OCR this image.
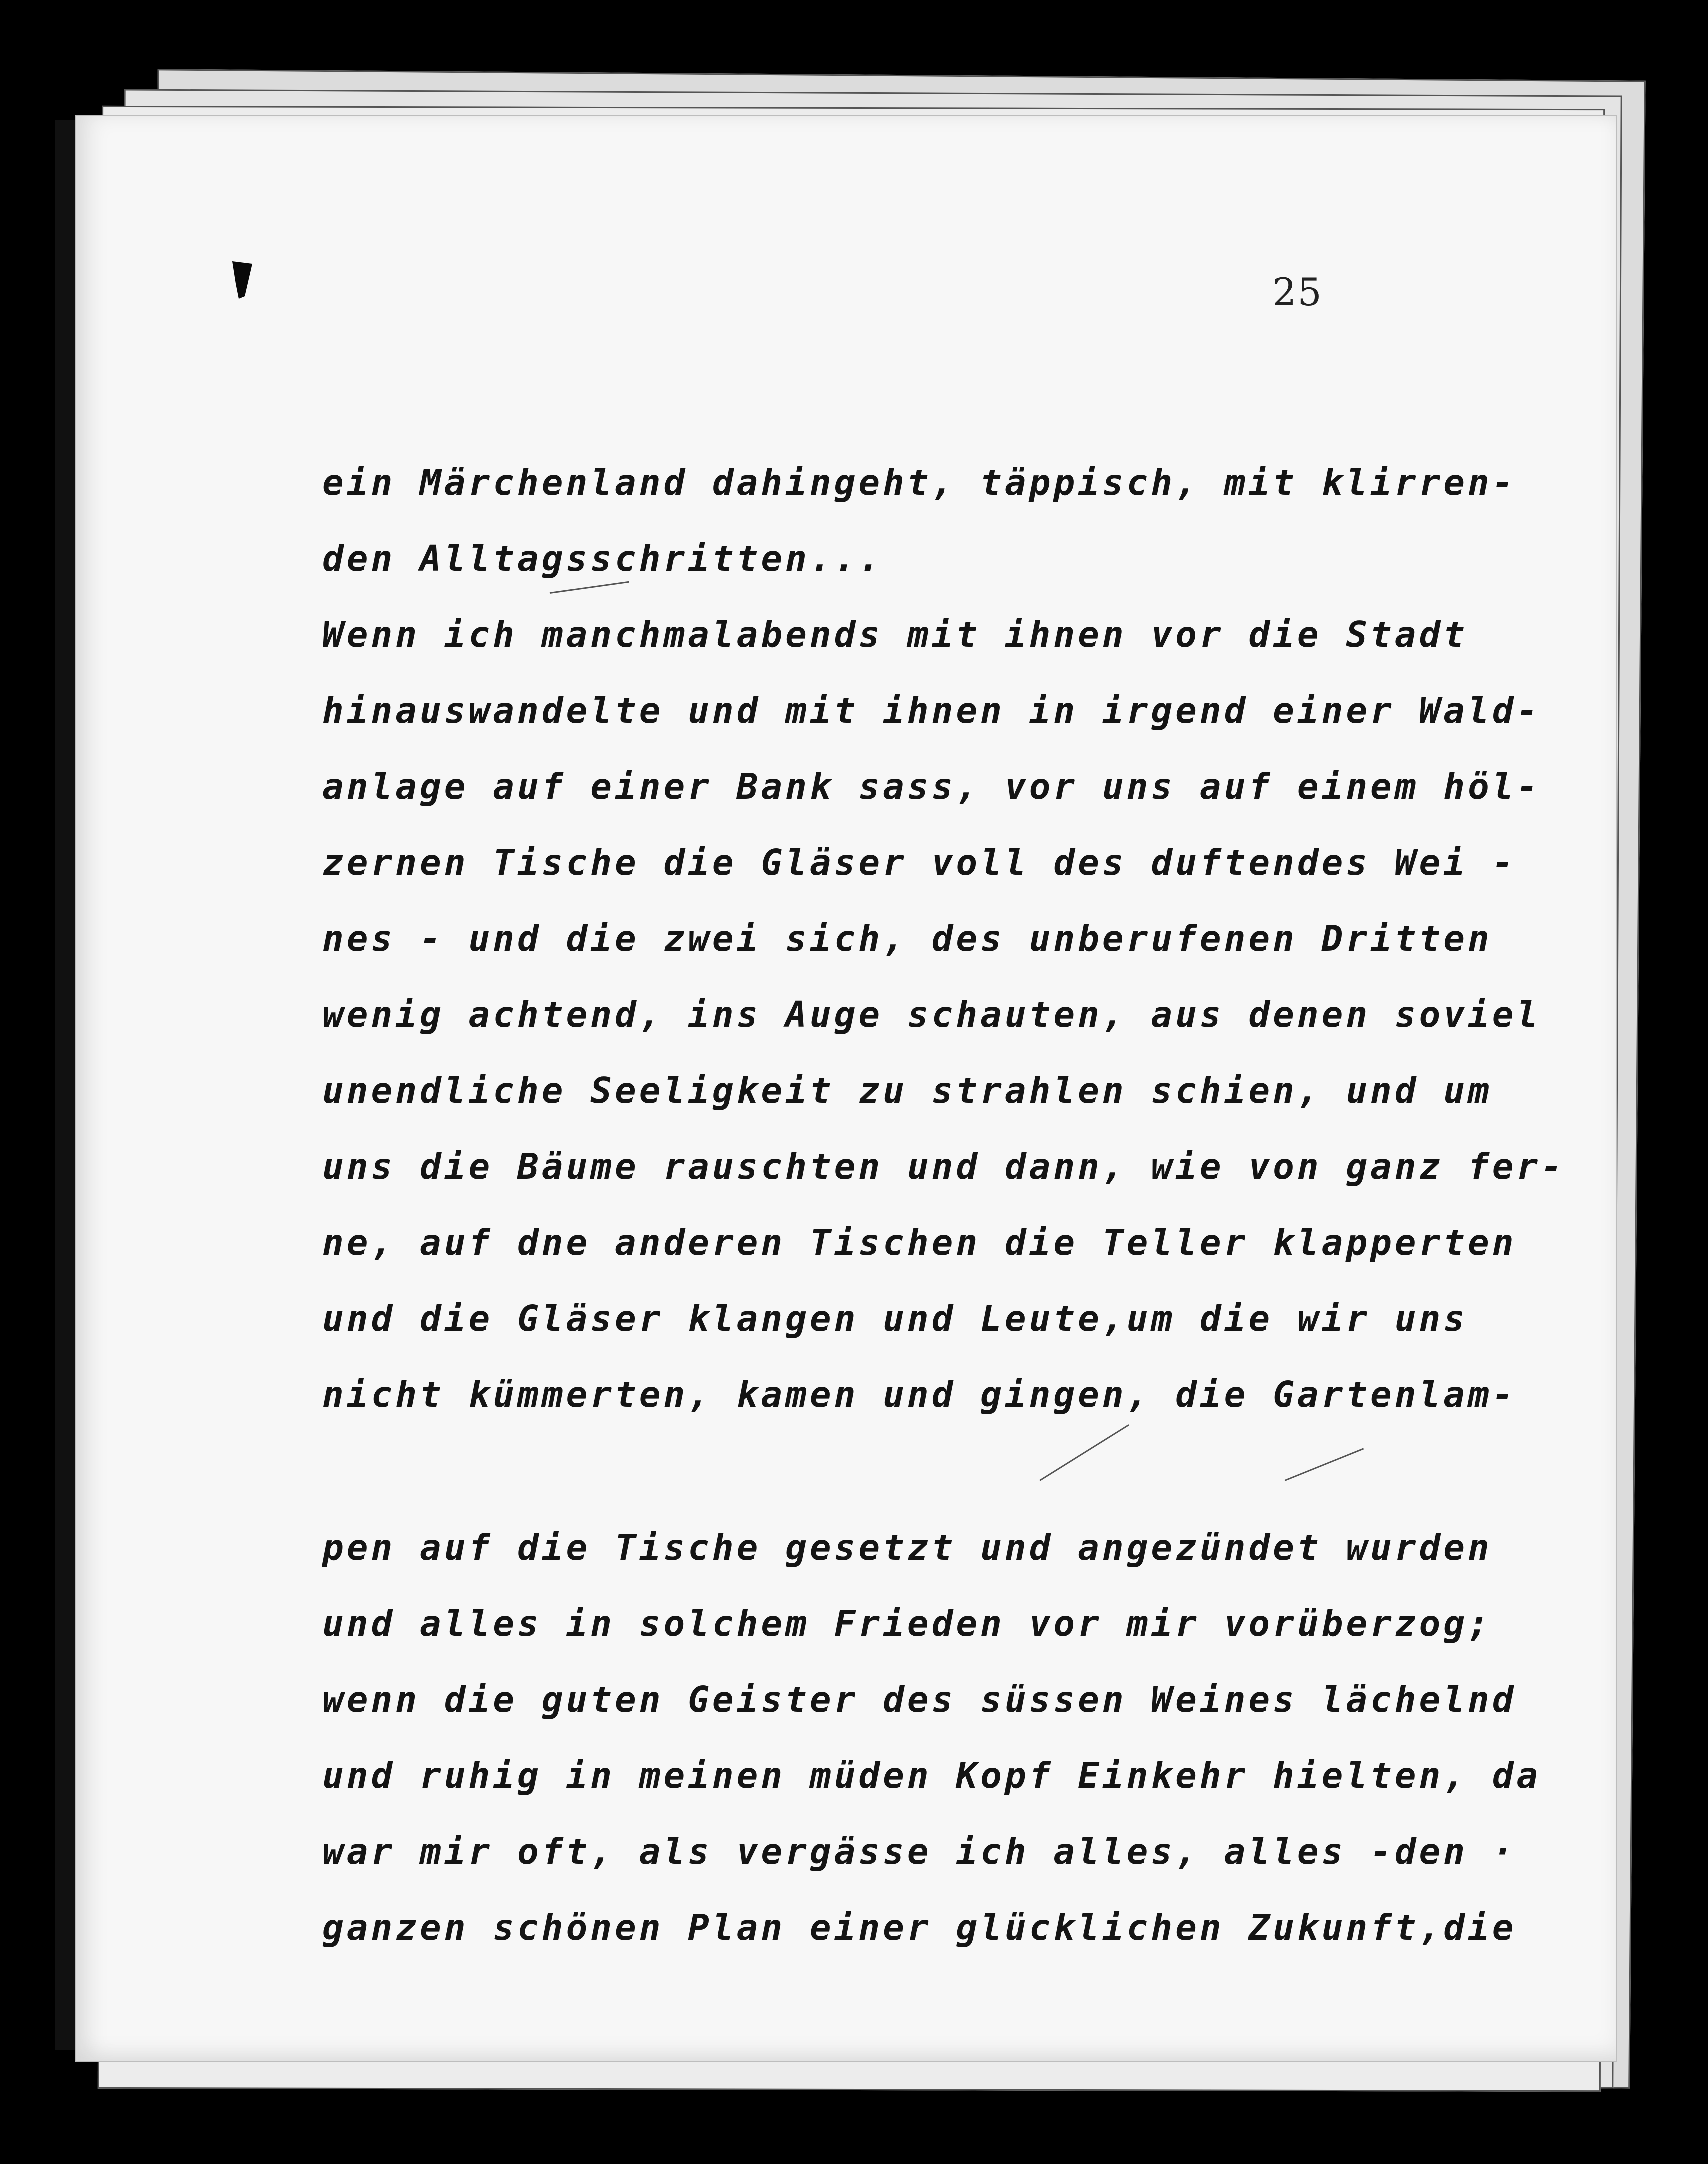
25
ein Märchenland dahingeht, täppisch, mit klirren-
den Alltagsschritten...
Wenn ich manchmalabends mit ihnen vor die Stadt
hinauswandelte und mit ihnen in irgend einer Wald-
anlage auf einer Bank sass, vor uns auf einem höl-
zernen Tische die Gläser voll des duftendes Wei -
nes - und die zwei sich, des unberufenen Dritten
wenig achtend, ins Auge schauten, aus denen soviel
unendliche Seeligkeit zu strahlen schien, und um
uns die Bäume rauschten und dann, wie von ganz fer-
ne, auf dne anderen Tischen die Teller klapperten
und die Gläser klangen und Leute,um die wir uns
nicht kümmerten, kamen und gingen, die Gartenlam-
pen auf die Tische gesetzt und angezündet wurden
und alles in solchem Frieden vor mir vorüberzog;
wenn die guten Geister des süssen Weines lächelnd
und ruhig in meinen müden Kopf Einkehr hielten, da
war mir oft, als vergässe ich alles, alles -den ·
ganzen schönen Plan einer glücklichen Zukunft,die
